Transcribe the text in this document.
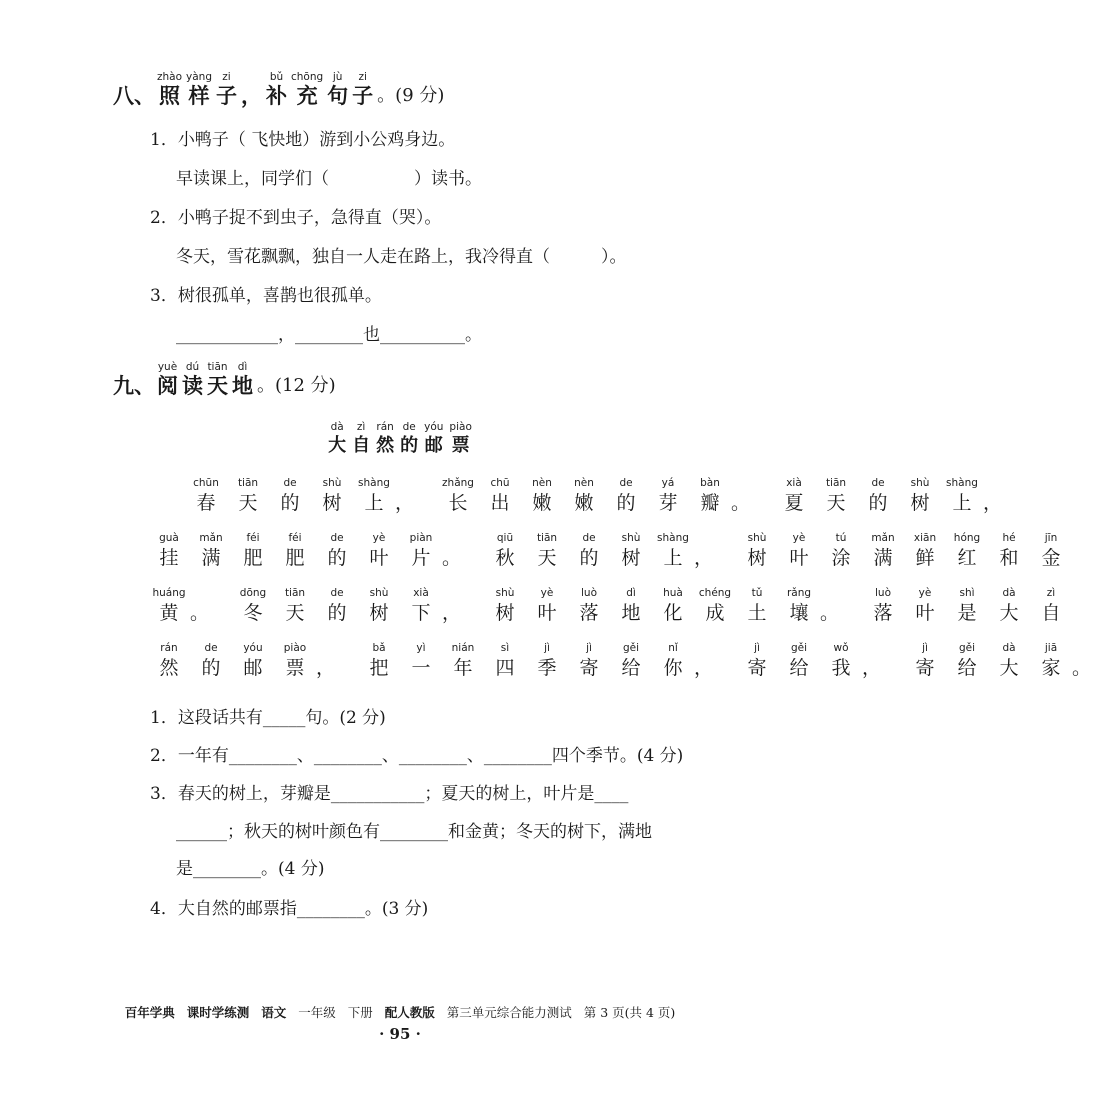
八、
zhào
照
yàng
样
zi
子
，
bǔ
补
chōng
充
jù
句
zi
子 。(9 分)
1．小鸭子（ 飞快地）游到小公鸡身边。
早读课上，同学们（　　　　　）读书。
2．小鸭子捉不到虫子，急得直（哭）。
冬天，雪花飘飘，独自一人走在路上，我冷得直（　　　）。
3．树很孤单，喜鹊也很孤单。
____________，________也__________。
九、
yuè
阅
dú
读
tiān
天
dì
地 。(12 分)
dà
大
zì
自
rán
然
de
的
yóu
邮
piào
票
chūn
春
tiān
天
de
的
shù
树
shàng
上
，
zhǎng
长
chū
出
nèn
嫩
nèn
嫩
de
的
yá
芽
bàn
瓣
。
xià
夏
tiān
天
de
的
shù
树
shàng
上
，
guà
挂
mǎn
满
féi
肥
féi
肥
de
的
yè
叶
piàn
片
。
qiū
秋
tiān
天
de
的
shù
树
shàng
上
，
shù
树
yè
叶
tú
涂
mǎn
满
xiān
鲜
hóng
红
hé
和
jīn
金
huáng
黄
。
dōng
冬
tiān
天
de
的
shù
树
xià
下
，
shù
树
yè
叶
luò
落
dì
地
huà
化
chéng
成
tǔ
土
rǎng
壤
。
luò
落
yè
叶
shì
是
dà
大
zì
自
rán
然
de
的
yóu
邮
piào
票
，
bǎ
把
yì
一
nián
年
sì
四
jì
季
jì
寄
gěi
给
nǐ
你
，
jì
寄
gěi
给
wǒ
我
，
jì
寄
gěi
给
dà
大
jiā
家
。
1．这段话共有_____句。(2 分)
2．一年有________、________、________、________四个季节。(4 分)
3．春天的树上，芽瓣是___________；夏天的树上，叶片是____
______；秋天的树叶颜色有________和金黄；冬天的树下，满地
是________。(4 分)
4．大自然的邮票指________。(3 分)
百年学典 课时学练测 语文 一年级 下册 配人教版 第三单元综合能力测试 第 3 页(共 4 页)
· 95 ·
